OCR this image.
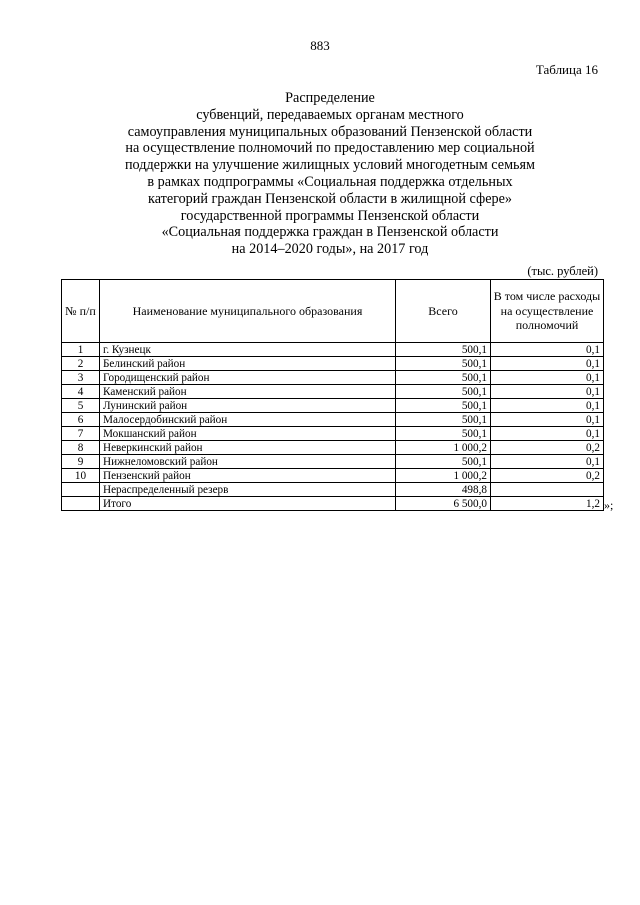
883
Таблица 16
Распределение
субвенций, передаваемых органам местного
самоуправления муниципальных образований Пензенской области
на осуществление полномочий по предоставлению мер социальной
поддержки на улучшение жилищных условий многодетным семьям
в рамках подпрограммы «Социальная поддержка отдельных
категорий граждан Пензенской области в жилищной сфере»
государственной программы Пензенской области
«Социальная поддержка граждан в Пензенской области
на 2014–2020 годы», на 2017 год
(тыс. рублей)
№ п/п	Наименование муниципального образования	Всего	В том числе расходы на осуществление полномочий
1	г. Кузнецк	500,1	0,1
2	Белинский район	500,1	0,1
3	Городищенский район	500,1	0,1
4	Каменский район	500,1	0,1
5	Лунинский район	500,1	0,1
6	Малосердобинский район	500,1	0,1
7	Мокшанский район	500,1	0,1
8	Неверкинский район	1 000,2	0,2
9	Нижнеломовский район	500,1	0,1
10	Пензенский район	1 000,2	0,2
	Нераспределенный резерв	498,8	
	Итого	6 500,0	1,2 »;
